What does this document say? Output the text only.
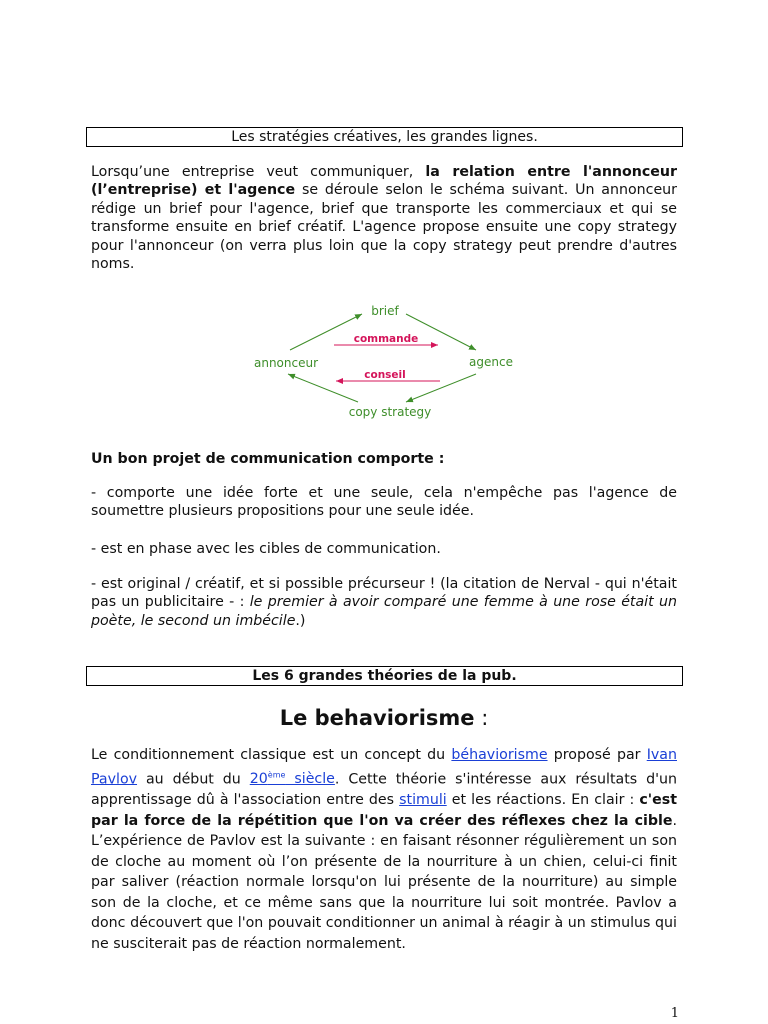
Les stratégies créatives, les grandes lignes.

Lorsqu’une entreprise veut communiquer, la relation entre l'annonceur (l’entreprise) et l'agence se déroule selon le schéma suivant. Un annonceur rédige un brief pour l'agence, brief que transporte les commerciaux et qui se transforme ensuite en brief créatif. L'agence propose ensuite une copy strategy pour l'annonceur (on verra plus loin que la copy strategy peut prendre d'autres noms.

brief
annonceur	agence
copy strategy
commande
conseil

Un bon projet de communication comporte :

- comporte une idée forte et une seule, cela n'empêche pas l'agence de soumettre plusieurs propositions pour une seule idée.

- est en phase avec les cibles de communication.

- est original / créatif, et si possible précurseur ! (la citation de Nerval - qui n'était pas un publicitaire - : le premier à avoir comparé une femme à une rose était un poète, le second un imbécile.)

Les 6 grandes théories de la pub.
Le behaviorisme :

Le conditionnement classique est un concept du béhaviorisme proposé par Ivan Pavlov au début du 20ème siècle. Cette théorie s'intéresse aux résultats d'un apprentissage dû à l'association entre des stimuli et les réactions. En clair : c'est par la force de la répétition que l'on va créer des réflexes chez la cible. L’expérience de Pavlov est la suivante : en faisant résonner régulièrement un son de cloche au moment où l’on présente de la nourriture à un chien, celui-ci finit par saliver (réaction normale lorsqu'on lui présente de la nourriture) au simple son de la cloche, et ce même sans que la nourriture lui soit montrée. Pavlov a donc découvert que l'on pouvait conditionner un animal à réagir à un stimulus qui ne susciterait pas de réaction normalement.

1
